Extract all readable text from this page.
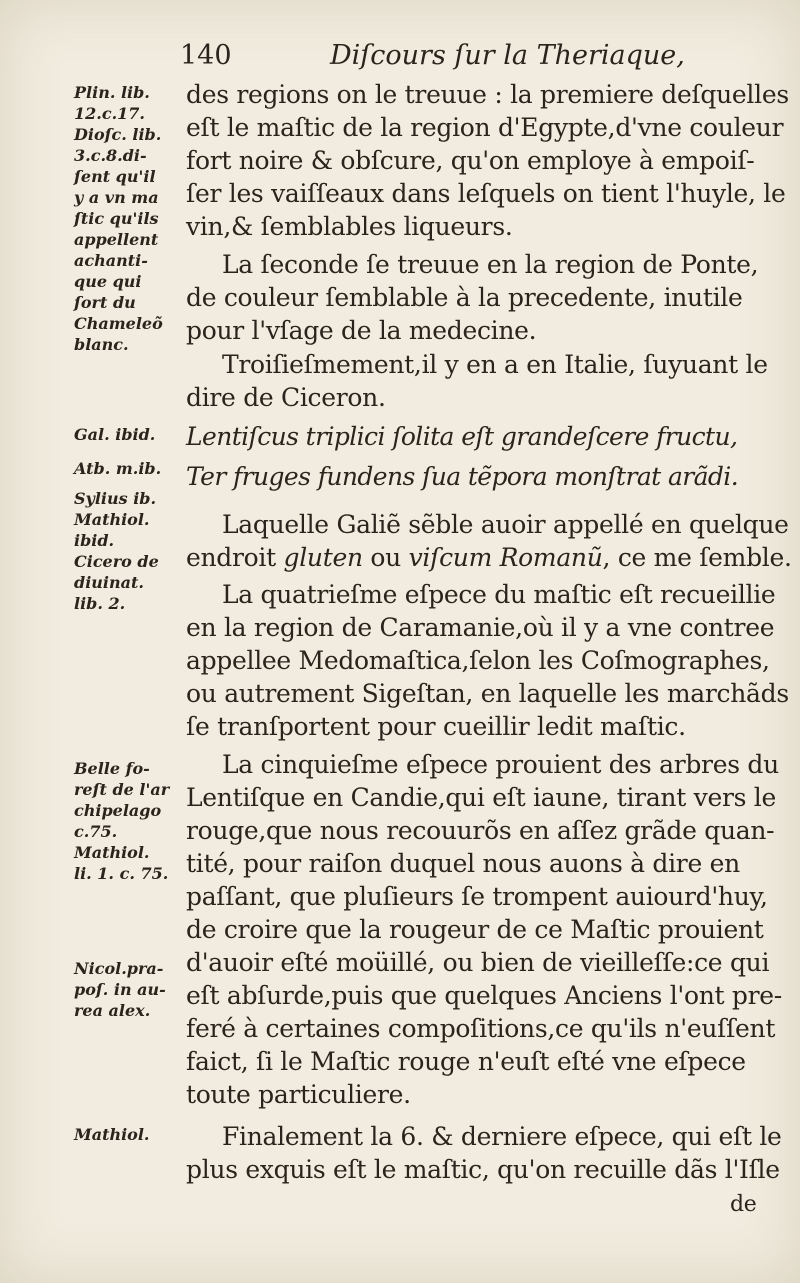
140	Diſcours ſur la Theriaque,
Plin. lib.
12.c.17.
Dioſc. lib.
3.c.8.di-
ſent qu'il
y a vn ma
ſtic qu'ils
appellent
achanti-
que qui
ſort du
Chameleõ
blanc.
Gal. ibid.
Atb. m.ib.
Sylius ib.
Mathiol.
ibid.
Cicero de
diuinat.
lib. 2.
Belle fo-
reſt de l'ar
chipelago
c.75.
Mathiol.
li. 1. c. 75.
Nicol.pra-
poſ. in au-
rea alex.
Mathiol.
des regions on le treuue : la premiere deſquelles
eſt le maſtic de la region d'Egypte,d'vne couleur
fort noire & obſcure, qu'on employe à empoiſ-
ſer les vaiſſeaux dans leſquels on tient l'huyle, le
vin,& ſemblables liqueurs.
La ſeconde ſe treuue en la region de Ponte,
de couleur ſemblable à la precedente, inutile
pour l'vſage de la medecine.
Troiſieſmement,il y en a en Italie, ſuyuant le
dire de Ciceron.
Lentiſcus triplici ſolita eſt grandeſcere fructu,
Ter fruges fundens ſua tẽpora monſtrat arãdi.
Laquelle Galiẽ sẽble auoir appellé en quelque
endroit gluten ou viſcum Romanũ, ce me ſemble.
La quatrieſme eſpece du maſtic eſt recueillie
en la region de Caramanie,où il y a vne contree
appellee Medomaſtica,ſelon les Coſmographes,
ou autrement Sigeſtan, en laquelle les marchãds
ſe tranſportent pour cueillir ledit maſtic.
La cinquieſme eſpece prouient des arbres du
Lentiſque en Candie,qui eſt iaune, tirant vers le
rouge,que nous recouurõs en aſſez grãde quan-
tité, pour raiſon duquel nous auons à dire en
paſſant, que pluſieurs ſe trompent auiourd'huy,
de croire que la rougeur de ce Maſtic prouient
d'auoir eſté moüillé, ou bien de vieilleſſe:ce qui
eſt abſurde,puis que quelques Anciens l'ont pre-
feré à certaines compoſitions,ce qu'ils n'euſſent
faict, ſi le Maſtic rouge n'euſt eſté vne eſpece
toute particuliere.
Finalement la 6. & derniere eſpece, qui eſt le
plus exquis eſt le maſtic, qu'on recuille dãs l'Iſle
de
